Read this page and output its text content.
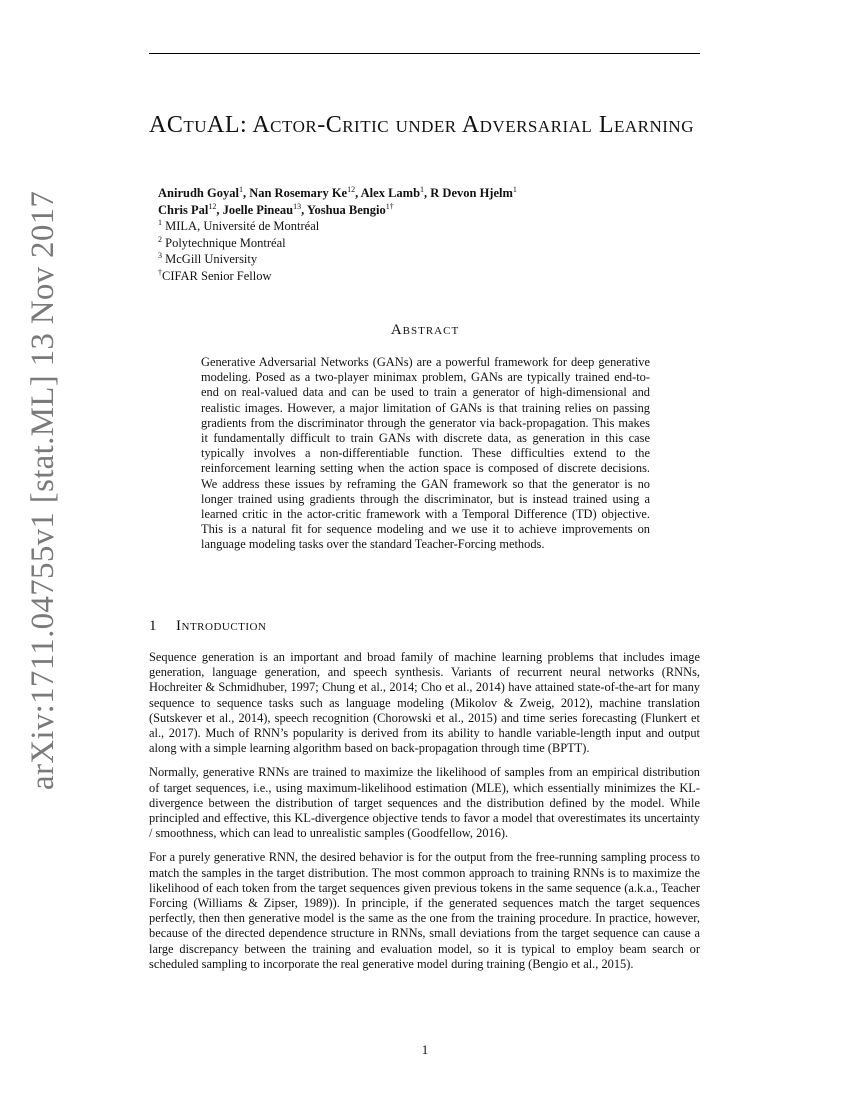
arXiv:1711.04755v1 [stat.ML] 13 Nov 2017
ACtuAL: Actor-Critic under Adversarial Learning
Anirudh Goyal$^1$, Nan Rosemary Ke$^{12}$, Alex Lamb$^1$, R Devon Hjelm$^1$
Chris Pal$^{12}$, Joelle Pineau$^{13}$, Yoshua Bengio$^{1\dagger}$
$^1$ MILA, Université de Montréal
$^2$ Polytechnique Montréal
$^3$ McGill University
†CIFAR Senior Fellow
Abstract

Generative Adversarial Networks (GANs) are a powerful framework for deep generative modeling. Posed as a two-player minimax problem, GANs are typically trained end-to-end on real-valued data and can be used to train a generator of high-dimensional and realistic images. However, a major limitation of GANs is that training relies on passing gradients from the discriminator through the generator via back-propagation. This makes it fundamentally difficult to train GANs with discrete data, as generation in this case typically involves a non-differentiable function. These difficulties extend to the reinforcement learning setting when the action space is composed of discrete decisions. We address these issues by reframing the GAN framework so that the generator is no longer trained using gradients through the discriminator, but is instead trained using a learned critic in the actor-critic framework with a Temporal Difference (TD) objective. This is a natural fit for sequence modeling and we use it to achieve improvements on language modeling tasks over the standard Teacher-Forcing methods.

1 Introduction

Sequence generation is an important and broad family of machine learning problems that includes image generation, language generation, and speech synthesis. Variants of recurrent neural networks (RNNs, Hochreiter & Schmidhuber, 1997; Chung et al., 2014; Cho et al., 2014) have attained state-of-the-art for many sequence to sequence tasks such as language modeling (Mikolov & Zweig, 2012), machine translation (Sutskever et al., 2014), speech recognition (Chorowski et al., 2015) and time series forecasting (Flunkert et al., 2017). Much of RNN’s popularity is derived from its ability to handle variable-length input and output along with a simple learning algorithm based on back-propagation through time (BPTT).

Normally, generative RNNs are trained to maximize the likelihood of samples from an empirical distribution of target sequences, i.e., using maximum-likelihood estimation (MLE), which essentially minimizes the KL-divergence between the distribution of target sequences and the distribution defined by the model. While principled and effective, this KL-divergence objective tends to favor a model that overestimates its uncertainty / smoothness, which can lead to unrealistic samples (Goodfellow, 2016).

For a purely generative RNN, the desired behavior is for the output from the free-running sampling process to match the samples in the target distribution. The most common approach to training RNNs is to maximize the likelihood of each token from the target sequences given previous tokens in the same sequence (a.k.a., Teacher Forcing (Williams & Zipser, 1989)). In principle, if the generated sequences match the target sequences perfectly, then then generative model is the same as the one from the training procedure. In practice, however, because of the directed dependence structure in RNNs, small deviations from the target sequence can cause a large discrepancy between the training and evaluation model, so it is typical to employ beam search or scheduled sampling to incorporate the real generative model during training (Bengio et al., 2015).

1
